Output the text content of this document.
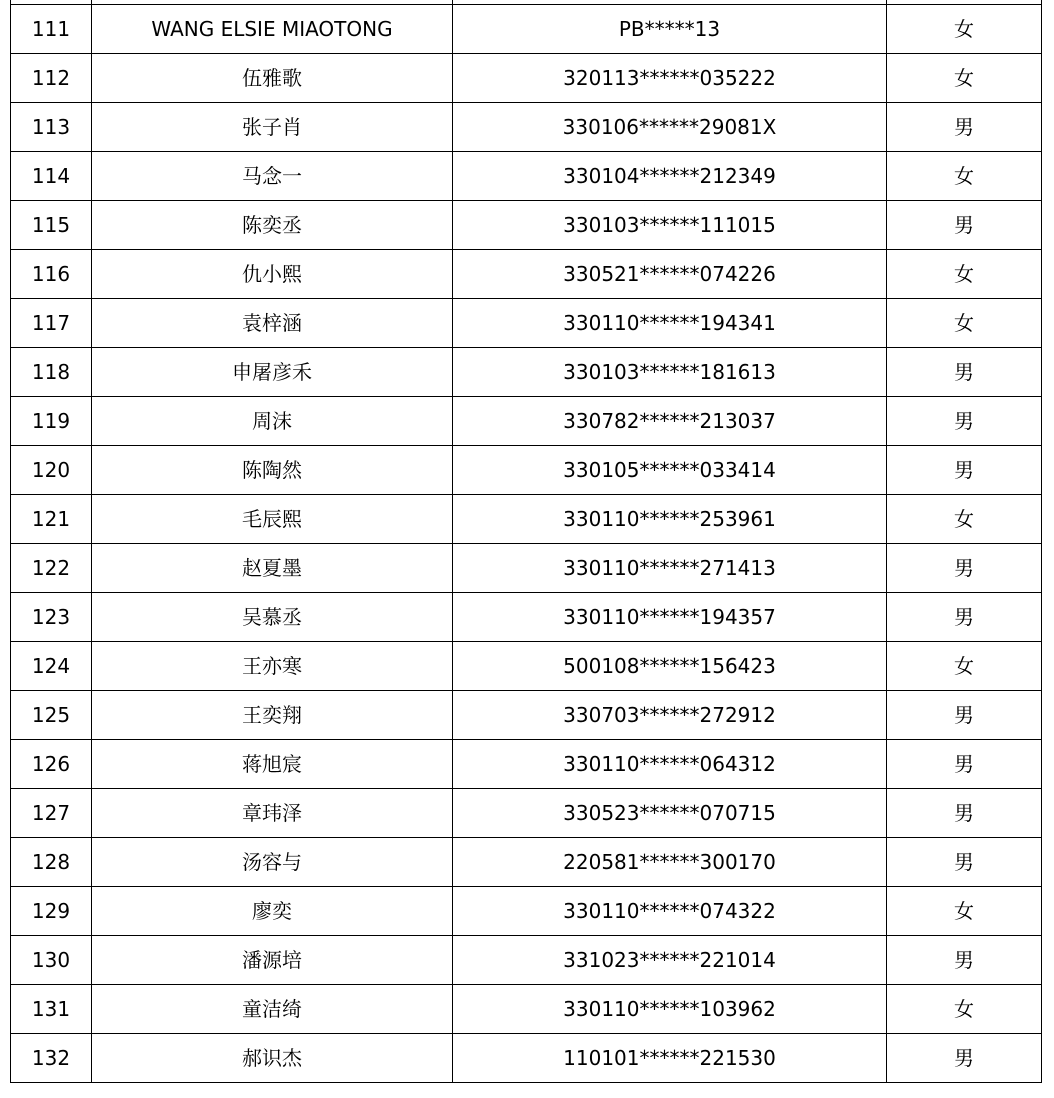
111	WANG ELSIE MIAOTONG	PB*****13	女
112	伍雅歌	320113******035222	女
113	张子肖	330106******29081X	男
114	马念一	330104******212349	女
115	陈奕丞	330103******111015	男
116	仇小熙	330521******074226	女
117	袁梓涵	330110******194341	女
118	申屠彦禾	330103******181613	男
119	周沫	330782******213037	男
120	陈陶然	330105******033414	男
121	毛辰熙	330110******253961	女
122	赵夏墨	330110******271413	男
123	吴慕丞	330110******194357	男
124	王亦寒	500108******156423	女
125	王奕翔	330703******272912	男
126	蒋旭宸	330110******064312	男
127	章玮泽	330523******070715	男
128	汤容与	220581******300170	男
129	廖奕	330110******074322	女
130	潘源培	331023******221014	男
131	童洁绮	330110******103962	女
132	郝识杰	110101******221530	男
